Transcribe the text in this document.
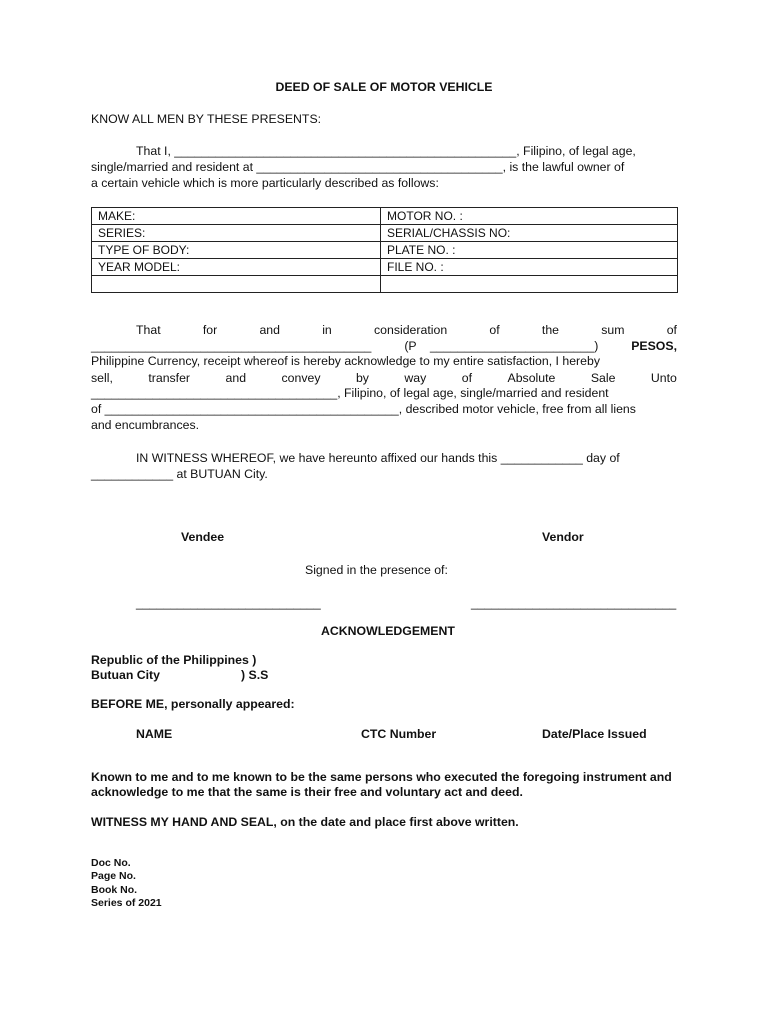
DEED OF SALE OF MOTOR VEHICLE
KNOW ALL MEN BY THESE PRESENTS:
That I, __________________________________________________, Filipino, of legal age,
single/married and resident at ____________________________________, is the lawful owner of
a certain vehicle which is more particularly described as follows:
MAKE:	MOTOR NO. :
SERIES:	SERIAL/CHASSIS NO:
TYPE OF BODY:	PLATE NO. :
YEAR MODEL:	FILE NO. :

That	for	and	in	consideration	of	the	sum	of
_________________________________________	(P    ________________________)	PESOS,
Philippine Currency, receipt whereof is hereby acknowledge to my entire satisfaction, I hereby
sell,	transfer	and	convey	by	way	of	Absolute	Sale	Unto
____________________________________, Filipino, of legal age, single/married and resident
of ___________________________________________, described motor vehicle, free from all liens
and encumbrances.
IN WITNESS WHEREOF, we have hereunto affixed our hands this ____________ day of
____________ at BUTUAN City.
Vendee	Vendor
Signed in the presence of:
___________________________	______________________________
ACKNOWLEDGEMENT
Republic of the Philippines )
Butuan City	) S.S
BEFORE ME, personally appeared:
NAME	CTC Number	Date/Place Issued
Known to me and to me known to be the same persons who executed the foregoing instrument and
acknowledge to me that the same is their free and voluntary act and deed.
WITNESS MY HAND AND SEAL, on the date and place first above written.
Doc No.
Page No.
Book No.
Series of 2021
